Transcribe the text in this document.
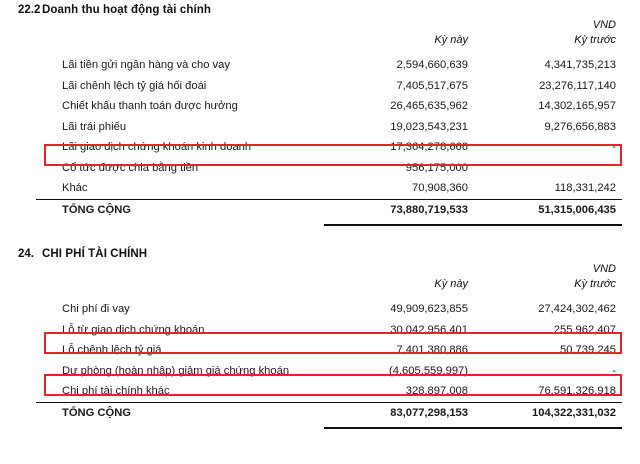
22.2 Doanh thu hoạt động tài chính
		VND
	Kỳ này	Kỳ trước

Lãi tiền gửi ngân hàng và cho vay	2,594,660,639	4,341,735,213
Lãi chênh lệch tỷ giá hối đoái	7,405,517,675	23,276,117,140
Chiết khấu thanh toán được hưởng	26,465,635,962	14,302,165,957
Lãi trái phiếu	19,023,543,231	9,276,656,883
Lãi giao dịch chứng khoán kinh doanh	17,364,278,666	-
Cổ tức được chia bằng tiền	956,175,000	
Khác	70,908,360	118,331,242
TỔNG CỘNG	73,880,719,533	51,315,006,435

24. CHI PHÍ TÀI CHÍNH
		VND
	Kỳ này	Kỳ trước

Chi phí đi vay	49,909,623,855	27,424,302,462
Lỗ từ giao dịch chứng khoán	30,042,956,401	255,962,407
Lỗ chênh lệch tỷ giá	7,401,380,886	50,739,245
Dự phòng (hoàn nhập) giảm giá chứng khoán	(4,605,559,997)	-
Chi phí tài chính khác	328,897,008	76,591,326,918
TỔNG CỘNG	83,077,298,153	104,322,331,032
